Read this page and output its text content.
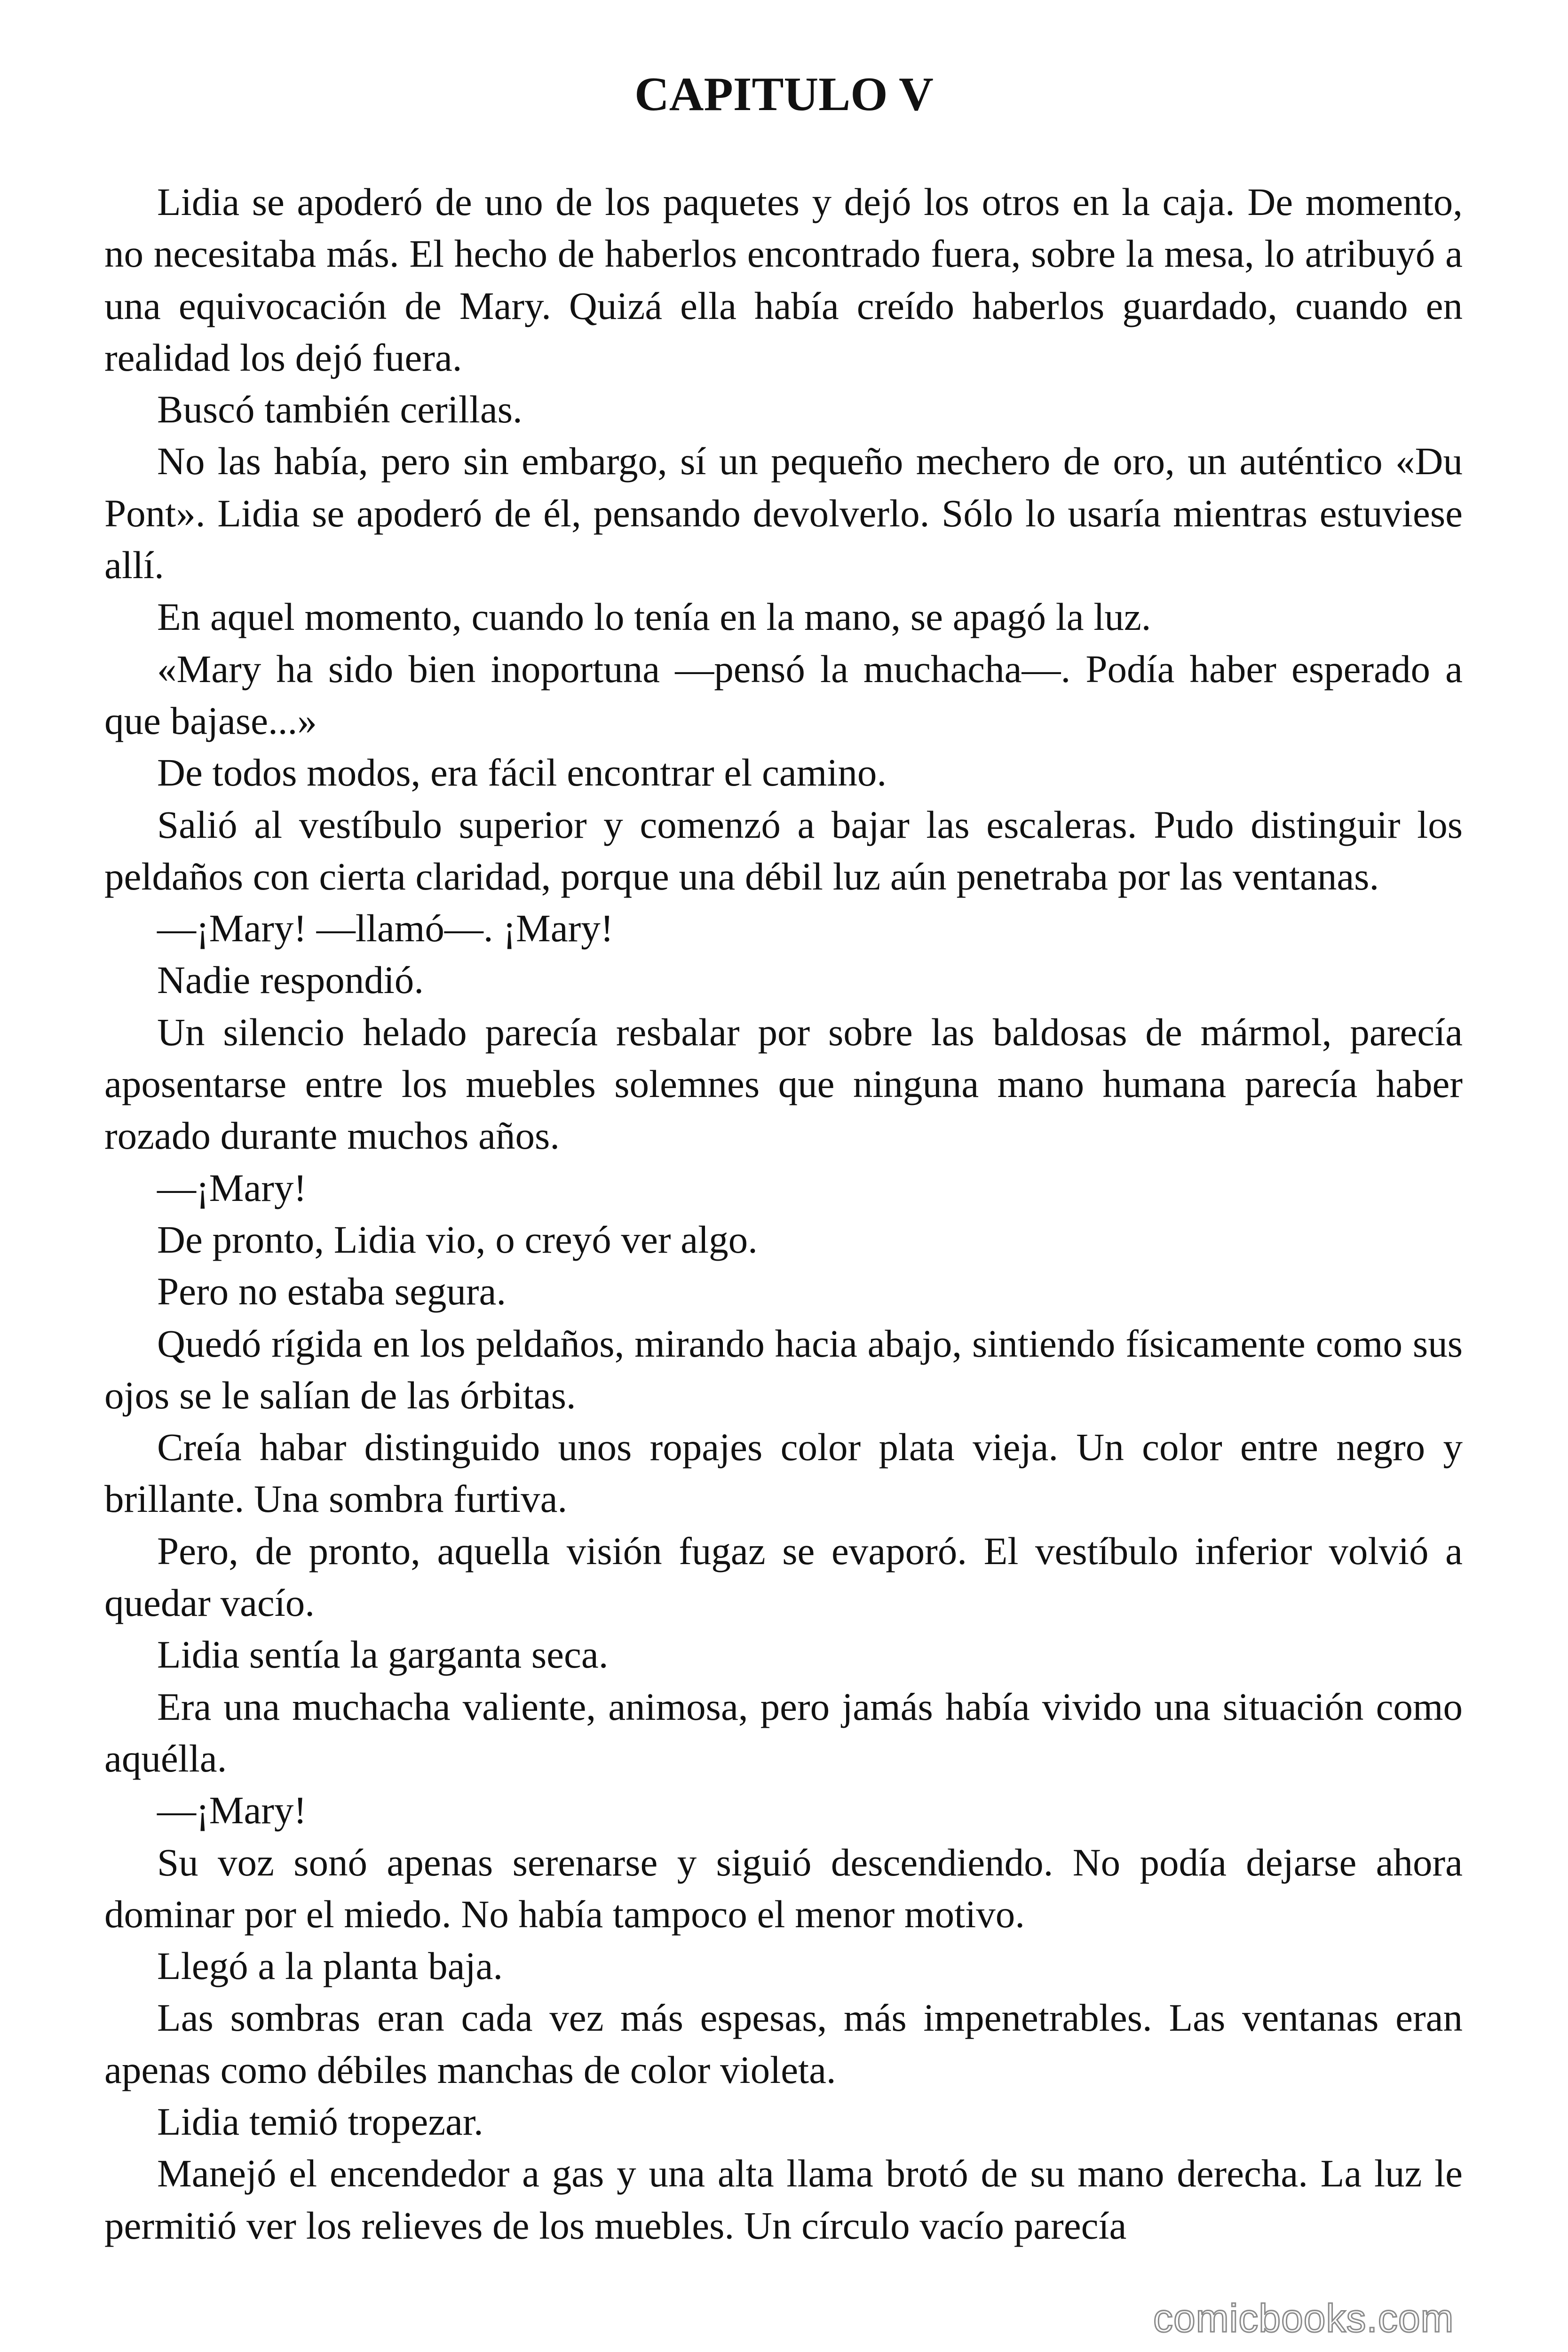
CAPITULO V

Lidia se apoderó de uno de los paquetes y dejó los otros en la caja. De momento, no necesitaba más. El hecho de haberlos encontrado fuera, sobre la mesa, lo atribuyó a una equivocación de Mary. Quizá ella había creído haberlos guardado, cuando en realidad los dejó fuera.

Buscó también cerillas.

No las había, pero sin embargo, sí un pequeño mechero de oro, un auténtico «Du Pont». Lidia se apoderó de él, pensando devolverlo. Sólo lo usaría mientras estuviese allí.

En aquel momento, cuando lo tenía en la mano, se apagó la luz.

«Mary ha sido bien inoportuna —pensó la muchacha—. Podía haber esperado a que bajase...»

De todos modos, era fácil encontrar el camino.

Salió al vestíbulo superior y comenzó a bajar las escaleras. Pudo distinguir los peldaños con cierta claridad, porque una débil luz aún penetraba por las ventanas.

—¡Mary! —llamó—. ¡Mary!

Nadie respondió.

Un silencio helado parecía resbalar por sobre las baldosas de mármol, parecía aposentarse entre los muebles solemnes que ninguna mano humana parecía haber rozado durante muchos años.

—¡Mary!

De pronto, Lidia vio, o creyó ver algo.

Pero no estaba segura.

Quedó rígida en los peldaños, mirando hacia abajo, sintiendo físicamente como sus ojos se le salían de las órbitas.

Creía habar distinguido unos ropajes color plata vieja. Un color entre negro y brillante. Una sombra furtiva.

Pero, de pronto, aquella visión fugaz se evaporó. El vestíbulo inferior volvió a quedar vacío.

Lidia sentía la garganta seca.

Era una muchacha valiente, animosa, pero jamás había vivido una situación como aquélla.

—¡Mary!

Su voz sonó apenas serenarse y siguió descendiendo. No podía dejarse ahora dominar por el miedo. No había tampoco el menor motivo.

Llegó a la planta baja.

Las sombras eran cada vez más espesas, más impenetrables. Las ventanas eran apenas como débiles manchas de color violeta.

Lidia temió tropezar.

Manejó el encendedor a gas y una alta llama brotó de su mano derecha. La luz le permitió ver los relieves de los muebles. Un círculo vacío parecía

comicbooks.com
